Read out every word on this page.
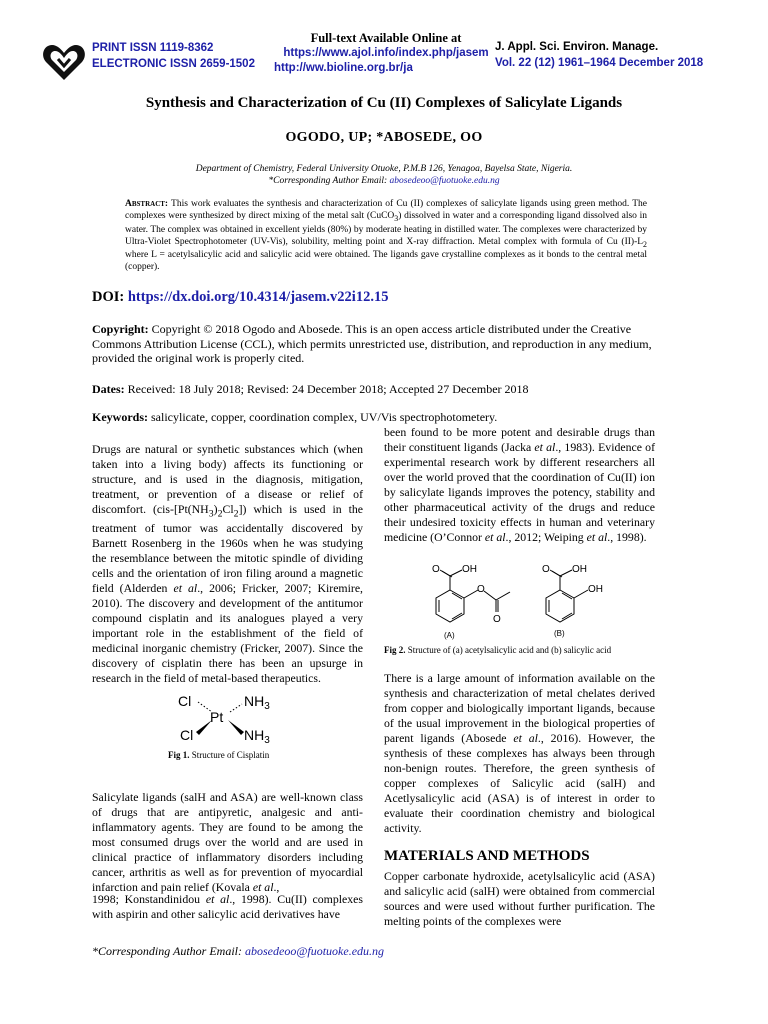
PRINT ISSN 1119-8362
ELECTRONIC ISSN 2659-1502
Full-text Available Online at
https://www.ajol.info/index.php/jasem
http://ww.bioline.org.br/ja
J. Appl. Sci. Environ. Manage.
Vol. 22 (12) 1961–1964 December 2018
Synthesis and Characterization of Cu (II) Complexes of Salicylate Ligands
OGODO, UP; *ABOSEDE, OO
Department of Chemistry, Federal University Otuoke, P.M.B 126, Yenagoa, Bayelsa State, Nigeria.
*Corresponding Author Email: abosedeoo@fuotuoke.edu.ng
Abstract: This work evaluates the synthesis and characterization of Cu (II) complexes of salicylate ligands using green method. The complexes were synthesized by direct mixing of the metal salt (CuCO$_3$) dissolved in water and a corresponding ligand dissolved also in water. The complex was obtained in excellent yields (80%) by moderate heating in distilled water. The complexes were characterized by Ultra-Violet Spectrophotometer (UV-Vis), solubility, melting point and X-ray diffraction. Metal complex with formula of Cu $(II)-L_2$ where L = acetylsalicylic acid and salicylic acid were obtained. The ligands gave crystalline complexes as it bonds to the central metal (copper).
DOI: https://dx.doi.org/10.4314/jasem.v22i12.15
Copyright: Copyright © 2018 Ogodo and Abosede. This is an open access article distributed under the Creative Commons Attribution License (CCL), which permits unrestricted use, distribution, and reproduction in any medium, provided the original work is properly cited.
Dates: Received: 18 July 2018; Revised: 24 December 2018; Accepted 27 December 2018
Keywords: salicylicate, copper, coordination complex, UV/Vis spectrophotometery.
Drugs are natural or synthetic substances which (when taken into a living body) affects its functioning or structure, and is used in the diagnosis, mitigation, treatment, or prevention of a disease or relief of discomfort. $(cis-[Pt(NH_3)_2Cl_2])$ which is used in the treatment of tumor was accidentally discovered by Barnett Rosenberg in the 1960s when he was studying the resemblance between the mitotic spindle of dividing cells and the orientation of iron filing around a magnetic field (Alderden et al., 2006; Fricker, 2007; Kiremire, 2010). The discovery and development of the antitumor compound cisplatin and its analogues played a very important role in the establishment of the field of medicinal inorganic chemistry (Fricker, 2007). Since the discovery of cisplatin there has been an upsurge in research in the field of metal-based therapeutics.
Cl
Pt
$NH_3$
Cl	$NH_3$
Fig 1. Structure of Cisplatin
Salicylate ligands (salH and ASA) are well-known class of drugs that are antipyretic, analgesic and anti-inflammatory agents. They are found to be among the most consumed drugs over the world and are used in clinical practice of inflammatory disorders including cancer, arthritis as well as for prevention of myocardial infarction and pain relief (Kovala et al.,
1998; Konstandinidou et al., 1998). Cu(II) complexes with aspirin and other salicylic acid derivatives have
been found to be more potent and desirable drugs than their constituent ligands (Jacka et al., 1983). Evidence of experimental research work by different researchers all over the world proved that the coordination of Cu(II) ion by salicylate ligands improves the potency, stability and other pharmaceutical activity of the drugs and reduce their undesired toxicity effects in human and veterinary medicine (O’Connor et al., 2012; Weiping et al., 1998).
O OH
O
O
(A)
O OH
OH
(B)
Fig 2. Structure of (a) acetylsalicylic acid and (b) salicylic acid
There is a large amount of information available on the synthesis and characterization of metal chelates derived from copper and biologically important ligands, because of the usual improvement in the biological properties of parent ligands (Abosede et al., 2016). However, the synthesis of these complexes has always been through non-benign routes. Therefore, the green synthesis of copper complexes of Salicylic acid (salH) and Acetlysalicylic acid (ASA) is of interest in order to evaluate their coordination chemistry and biological activity.
MATERIALS AND METHODS
Copper carbonate hydroxide, acetylsalicylic acid (ASA) and salicylic acid (salH) were obtained from commercial sources and were used without further purification. The melting points of the complexes were
*Corresponding Author Email: abosedeoo@fuotuoke.edu.ng
